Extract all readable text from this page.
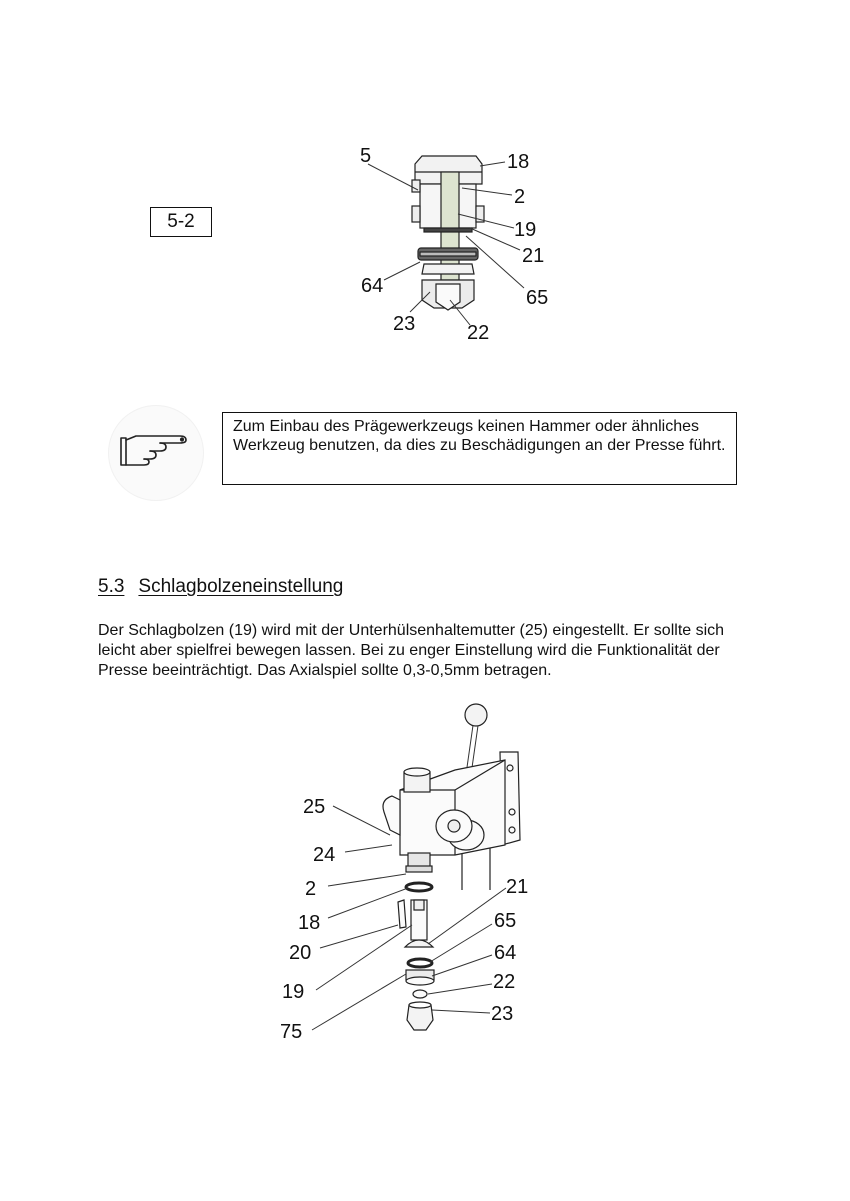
5-2
5	18
2
19
21
64
65
23	22
Zum Einbau des Prägewerkzeugs keinen Hammer oder ähnliches Werkzeug benutzen, da dies zu Beschädigungen an der Presse führt.
5.3 Schlagbolzeneinstellung
Der Schlagbolzen (19) wird mit der Unterhülsenhaltemutter (25) eingestellt. Er sollte sich leicht aber spielfrei bewegen lassen. Bei zu enger Einstellung wird die Funktionalität der Presse beeinträchtigt. Das Axialspiel sollte 0,3-0,5mm betragen.
25
24
2
18
20
19
75
21
65
64
22
23
